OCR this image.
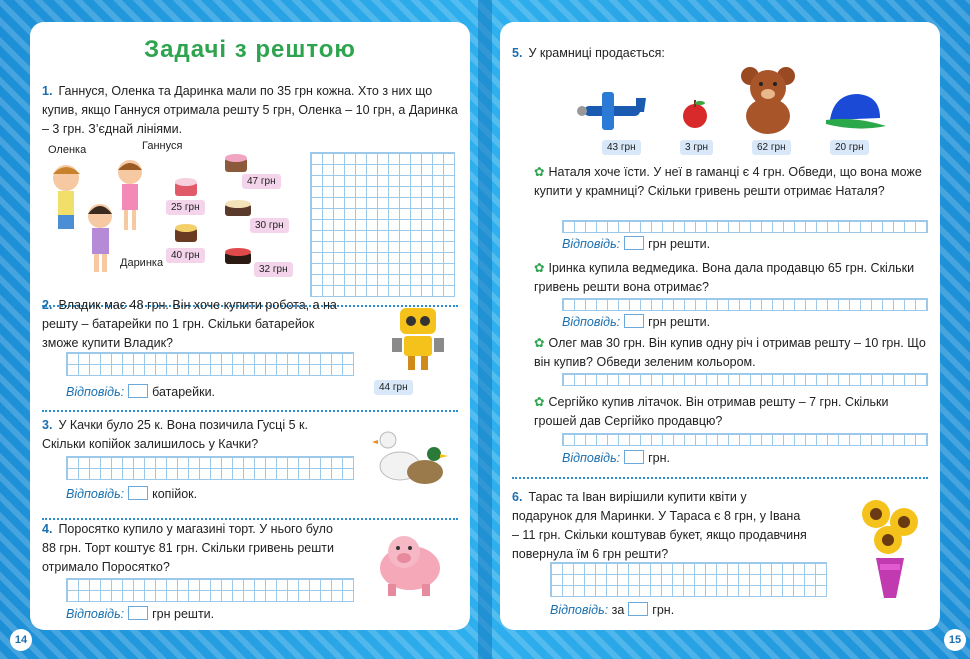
Задачі з рештою
1. Ганнуся, Оленка та Даринка мали по 35 грн кожна. Хто з них що купив, якщо Ганнуся отримала решту 5 грн, Оленка – 10 грн, а Даринка – 3 грн. З’єднай лініями.
Оленка	Ганнуся
Даринка
47 грн
25 грн
30 грн
40 грн
32 грн
2. Владик має 48 грн. Він хоче купити робота, а на решту – батарейки по 1 грн. Скільки батарейок зможе купити Владик?
Відповідь: батарейки.	44 грн
3. У Качки було 25 к. Вона позичила Гусці 5 к. Скільки копійок залишилось у Качки?
Відповідь: копійок.
4. Поросятко купило у магазині торт. У нього було 88 грн. Торт коштує 81 грн. Скільки гривень решти отримало Поросятко?
Відповідь: грн решти.
14
5. У крамниці продається:
43 грн	3 грн	62 грн	20 грн
✿ Наталя хоче їсти. У неї в гаманці є 4 грн. Обведи, що вона може купити у крамниці? Скільки гривень решти отримає Наталя?
Відповідь: грн решти.
✿ Іринка купила ведмедика. Вона дала продавцю 65 грн. Скільки гривень решти вона отримає?
Відповідь: грн решти.
✿ Олег мав 30 грн. Він купив одну річ і отримав решту – 10 грн. Що він купив? Обведи зеленим кольором.
✿ Сергійко купив літачок. Він отримав решту – 7 грн. Скільки грошей дав Сергійко продавцю?
Відповідь: грн.
6. Тарас та Іван вирішили купити квіти у подарунок для Маринки. У Тараса є 8 грн, у Івана – 11 грн. Скільки коштував букет, якщо продавчиня повернула їм 6 грн решти?
Відповідь: за грн.
15
